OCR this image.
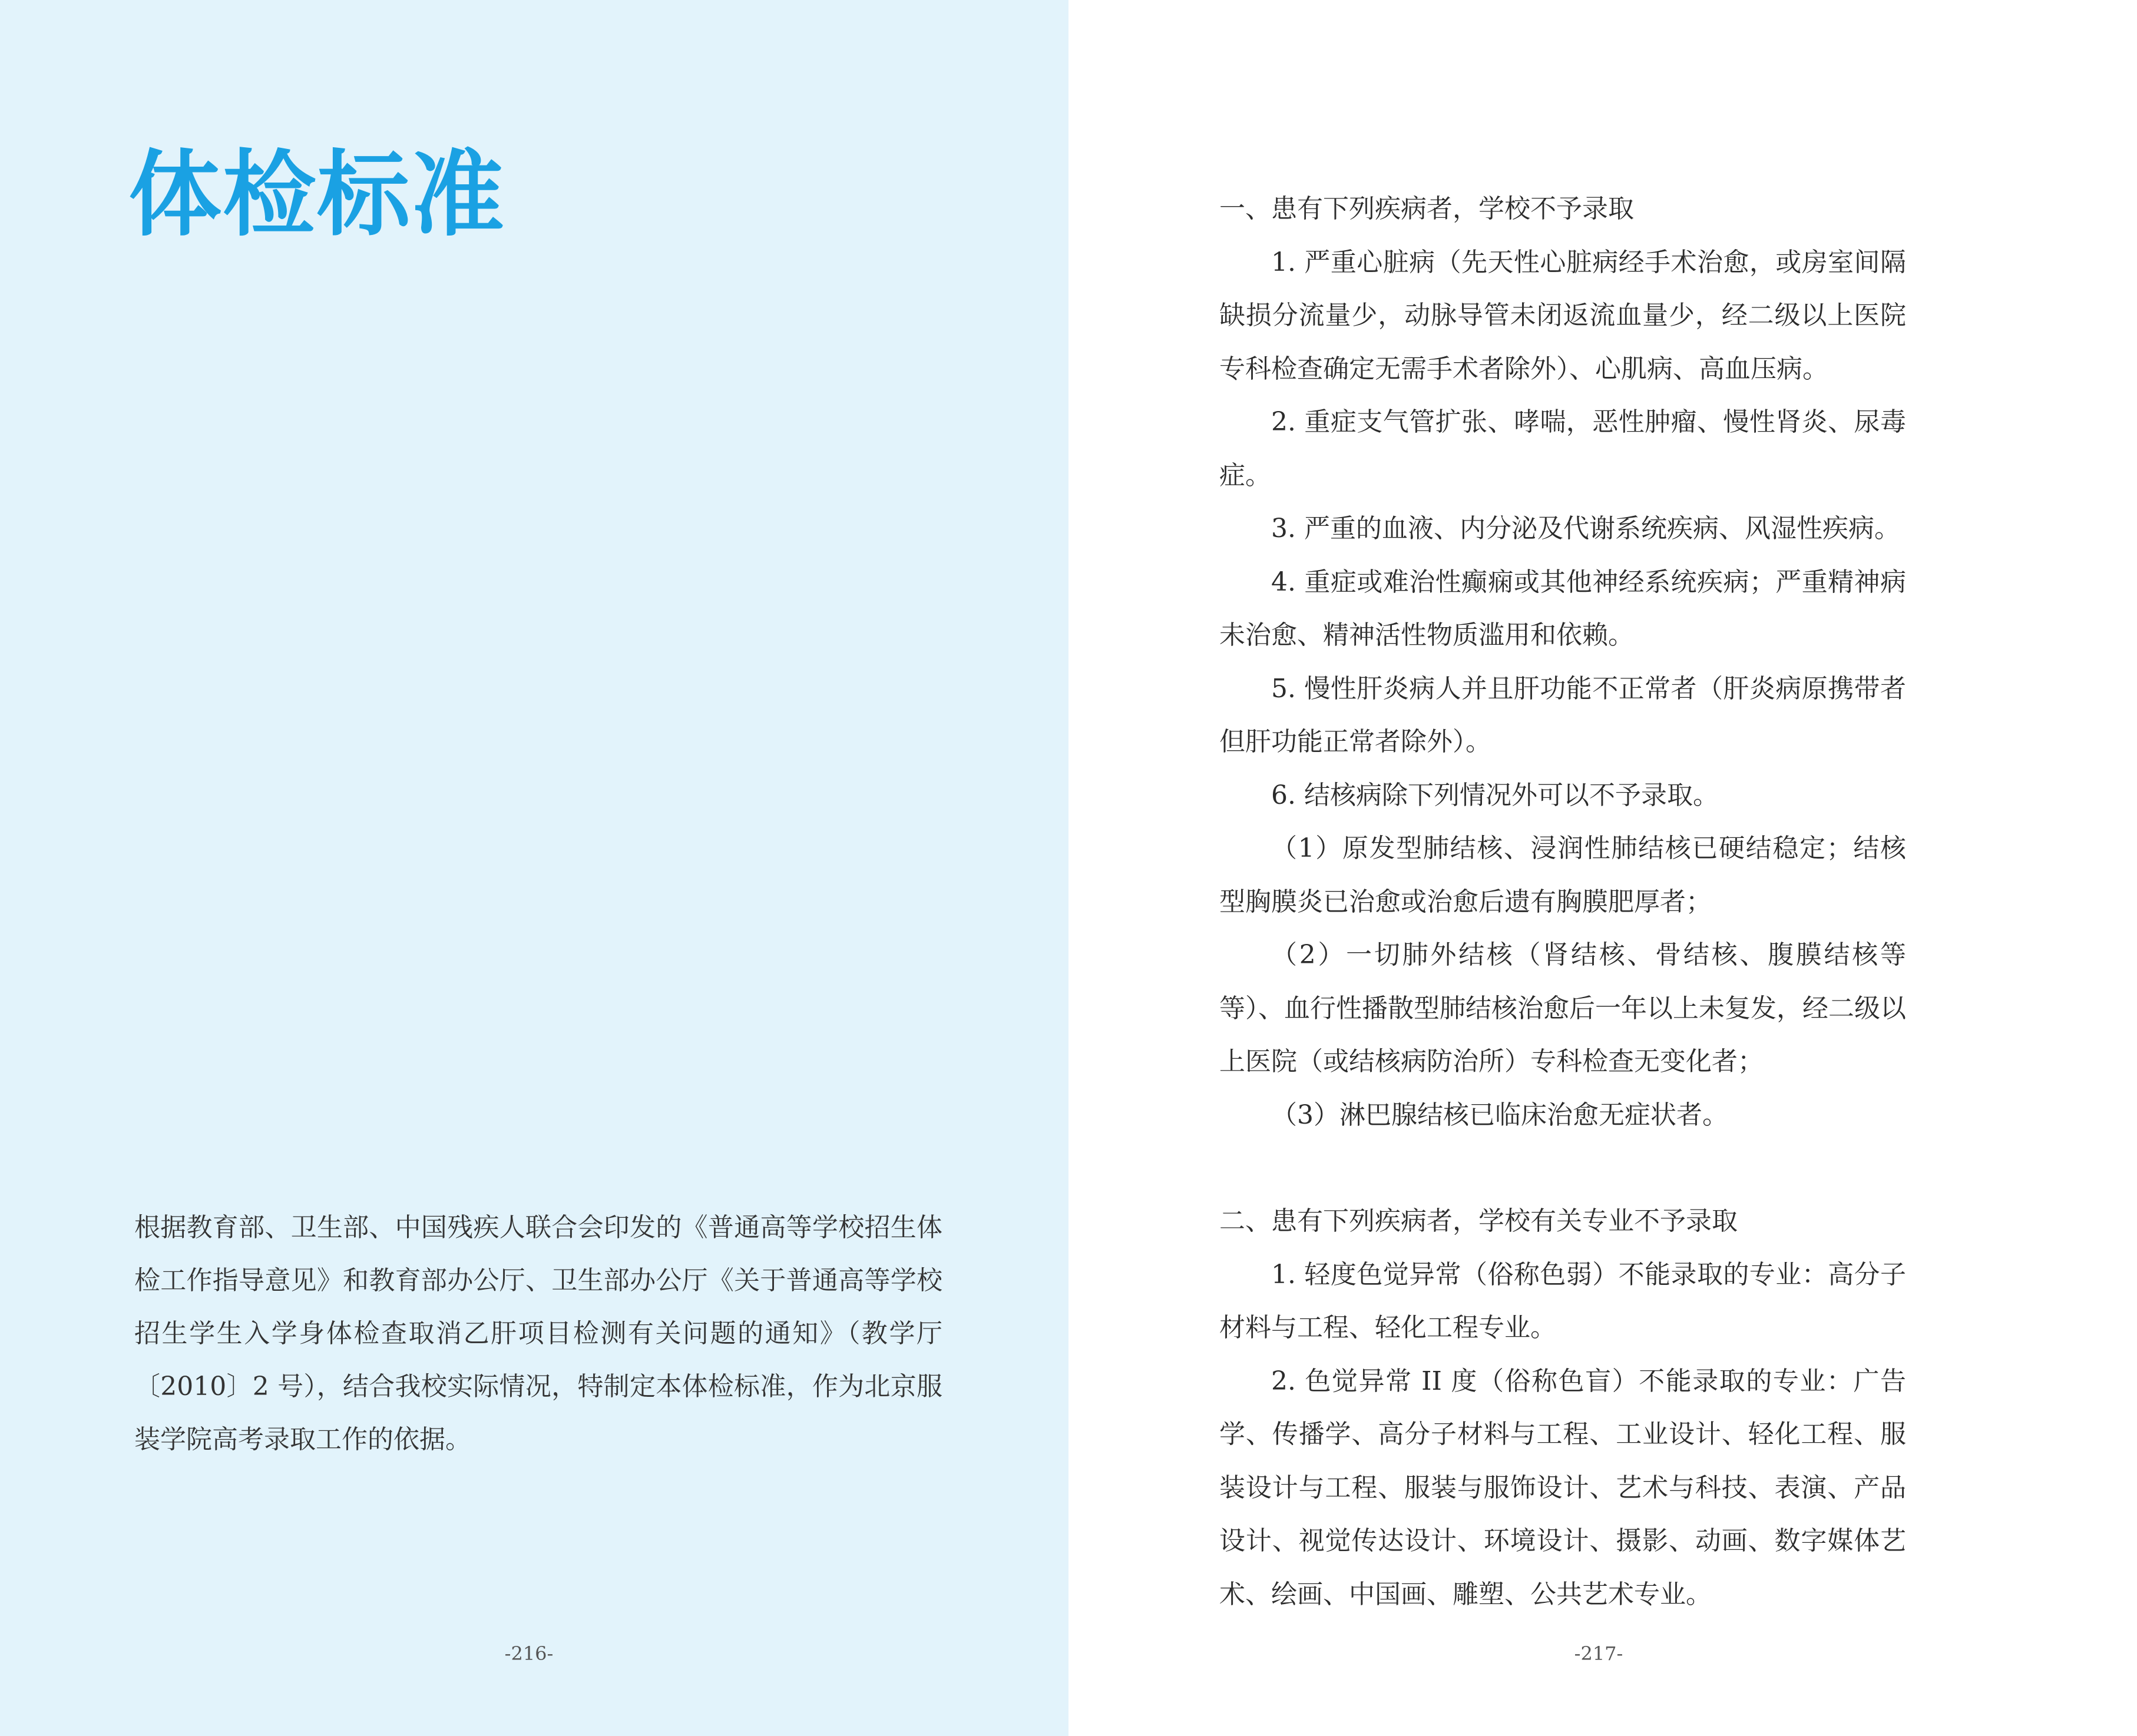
体检标准

根据教育部、卫生部、中国残疾人联合会印发的《普通高等学校招生体检工作指导意见》和教育部办公厅、卫生部办公厅《关于普通高等学校招生学生入学身体检查取消乙肝项目检测有关问题的通知》（教学厅〔2010〕2 号），结合我校实际情况，特制定本体检标准，作为北京服装学院高考录取工作的依据。

-216-

一、患有下列疾病者，学校不予录取

1. 严重心脏病（先天性心脏病经手术治愈，或房室间隔缺损分流量少，动脉导管未闭返流血量少，经二级以上医院专科检查确定无需手术者除外）、心肌病、高血压病。

2. 重症支气管扩张、哮喘，恶性肿瘤、慢性肾炎、尿毒症。

3. 严重的血液、内分泌及代谢系统疾病、风湿性疾病。

4. 重症或难治性癫痫或其他神经系统疾病；严重精神病未治愈、精神活性物质滥用和依赖。

5. 慢性肝炎病人并且肝功能不正常者（肝炎病原携带者但肝功能正常者除外）。

6. 结核病除下列情况外可以不予录取。

（1）原发型肺结核、浸润性肺结核已硬结稳定；结核型胸膜炎已治愈或治愈后遗有胸膜肥厚者；

（2）一切肺外结核（肾结核、骨结核、腹膜结核等等）、血行性播散型肺结核治愈后一年以上未复发，经二级以上医院（或结核病防治所）专科检查无变化者；

（3）淋巴腺结核已临床治愈无症状者。

二、患有下列疾病者，学校有关专业不予录取

1. 轻度色觉异常（俗称色弱）不能录取的专业：高分子材料与工程、轻化工程专业。

2. 色觉异常 II 度（俗称色盲）不能录取的专业：广告学、传播学、高分子材料与工程、工业设计、轻化工程、服装设计与工程、服装与服饰设计、艺术与科技、表演、产品设计、视觉传达设计、环境设计、摄影、动画、数字媒体艺术、绘画、中国画、雕塑、公共艺术专业。

-217-
